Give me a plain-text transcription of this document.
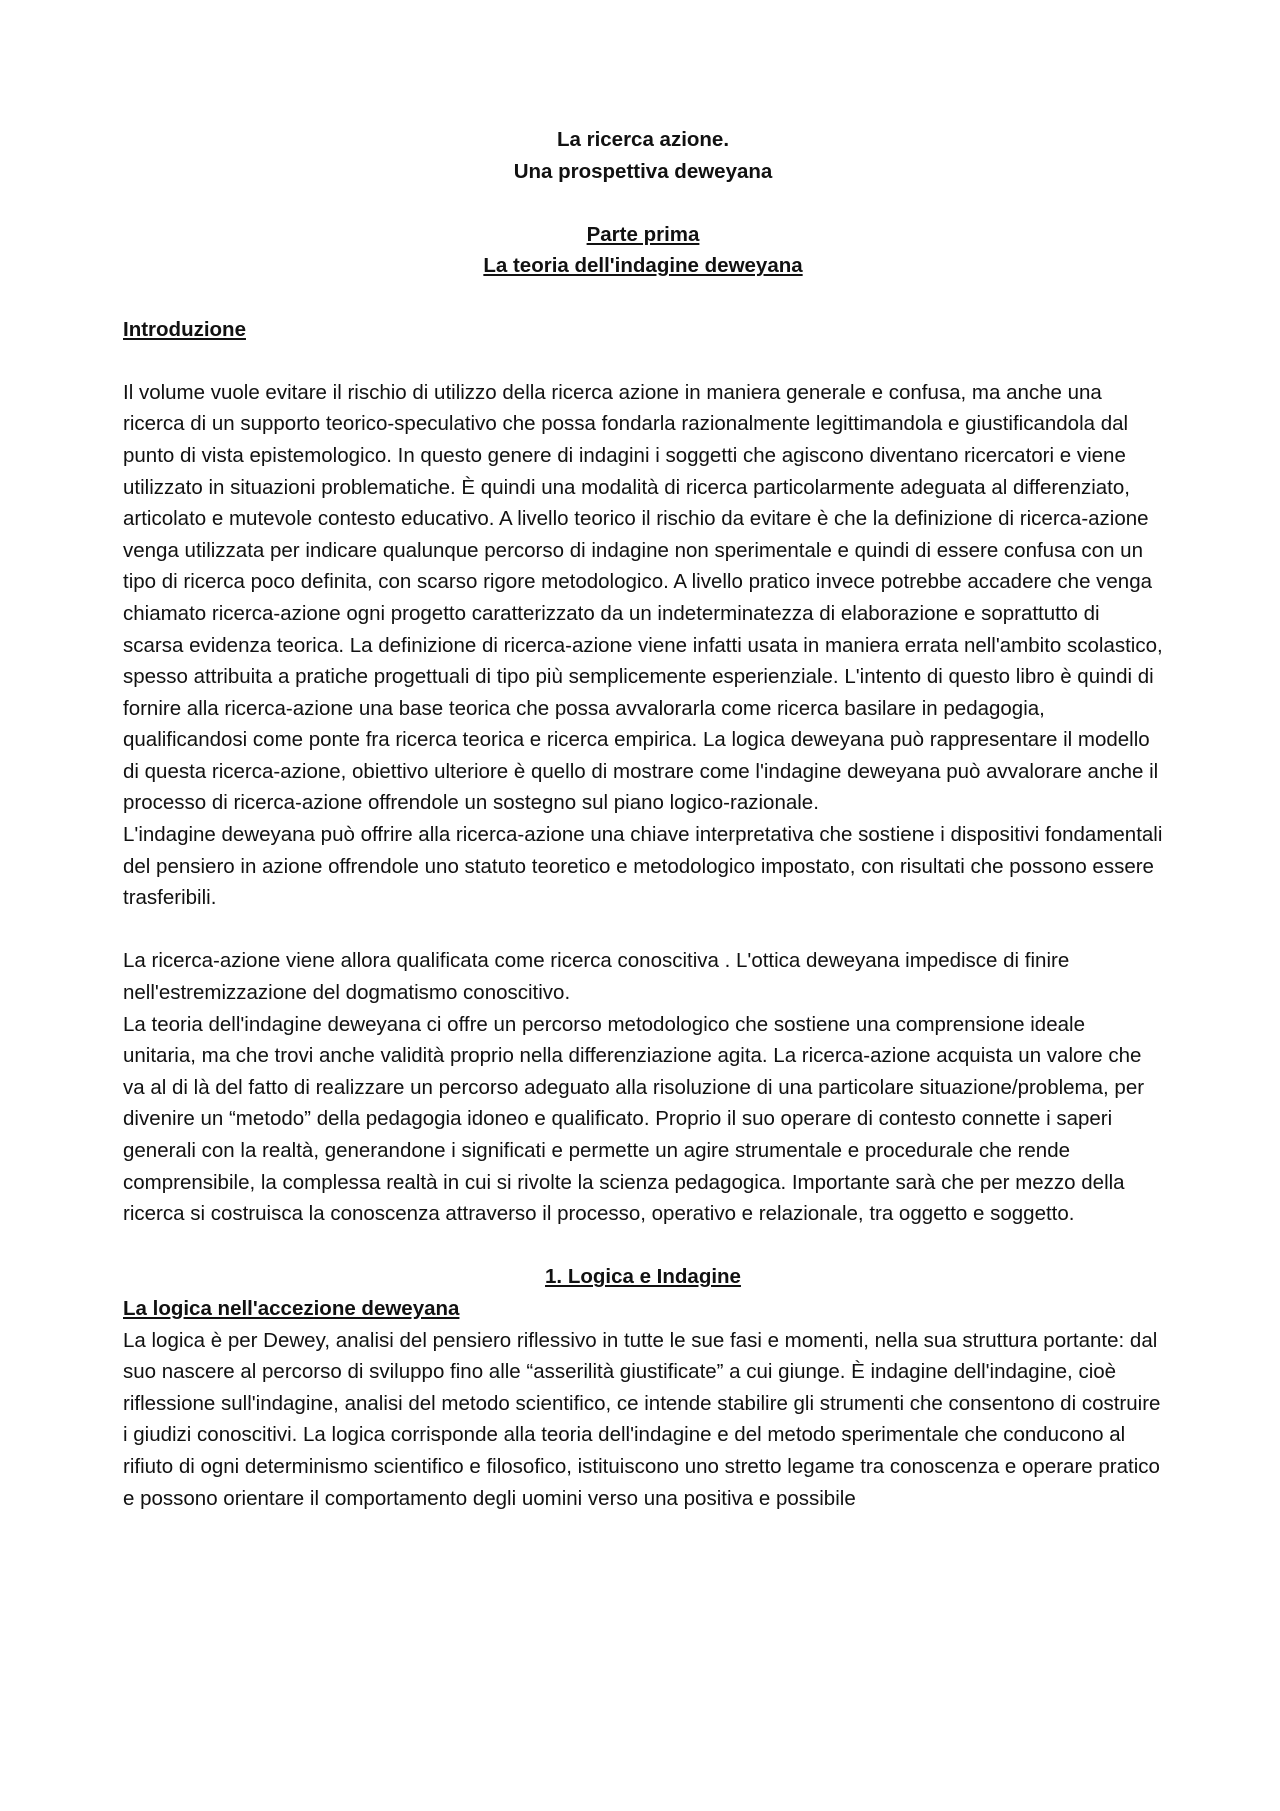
La ricerca azione.

Una prospettiva deweyana

Parte prima

La teoria dell'indagine deweyana

Introduzione

Il volume vuole evitare il rischio di utilizzo della ricerca azione in maniera generale e confusa, ma anche una ricerca di un supporto teorico-speculativo che possa fondarla razionalmente legittimandola e giustificandola dal punto di vista epistemologico. In questo genere di indagini i soggetti che agiscono diventano ricercatori e viene utilizzato in situazioni problematiche. È quindi una modalità di ricerca particolarmente adeguata al differenziato, articolato e mutevole contesto educativo. A livello teorico il rischio da evitare è che la definizione di ricerca-azione venga utilizzata per indicare qualunque percorso di indagine non sperimentale e quindi di essere confusa con un tipo di ricerca poco definita, con scarso rigore metodologico. A livello pratico invece potrebbe accadere che venga chiamato ricerca-azione ogni progetto caratterizzato da un indeterminatezza di elaborazione e soprattutto di scarsa evidenza teorica. La definizione di ricerca-azione viene infatti usata in maniera errata nell'ambito scolastico, spesso attribuita a pratiche progettuali di tipo più semplicemente esperienziale. L'intento di questo libro è quindi di fornire alla ricerca-azione una base teorica che possa avvalorarla come ricerca basilare in pedagogia, qualificandosi come ponte fra ricerca teorica e ricerca empirica. La logica deweyana può rappresentare il modello di questa ricerca-azione, obiettivo ulteriore è quello di mostrare come l'indagine deweyana può avvalorare anche il processo di ricerca-azione offrendole un sostegno sul piano logico-razionale.

L'indagine deweyana può offrire alla ricerca-azione una chiave interpretativa che sostiene i dispositivi fondamentali del pensiero in azione offrendole uno statuto teoretico e metodologico impostato, con risultati che possono essere trasferibili.

La ricerca-azione viene allora qualificata come ricerca conoscitiva . L'ottica deweyana impedisce di finire nell'estremizzazione del dogmatismo conoscitivo.

La teoria dell'indagine deweyana ci offre un percorso metodologico che sostiene una comprensione ideale unitaria, ma che trovi anche validità proprio nella differenziazione agita. La ricerca-azione acquista un valore che va al di là del fatto di realizzare un percorso adeguato alla risoluzione di una particolare situazione/problema, per divenire un “metodo” della pedagogia idoneo e qualificato. Proprio il suo operare di contesto connette i saperi generali con la realtà, generandone i significati e permette un agire strumentale e procedurale che rende comprensibile, la complessa realtà in cui si rivolte la scienza pedagogica. Importante sarà che per mezzo della ricerca si costruisca la conoscenza attraverso il processo, operativo e relazionale, tra oggetto e soggetto.

1. Logica e Indagine

La logica nell'accezione deweyana

La logica è per Dewey, analisi del pensiero riflessivo in tutte le sue fasi e momenti, nella sua struttura portante: dal suo nascere al percorso di sviluppo fino alle “asserilità giustificate” a cui giunge. È indagine dell'indagine, cioè riflessione sull'indagine, analisi del metodo scientifico, ce intende stabilire gli strumenti che consentono di costruire i giudizi conoscitivi. La logica corrisponde alla teoria dell'indagine e del metodo sperimentale che conducono al rifiuto di ogni determinismo scientifico e filosofico, istituiscono uno stretto legame tra conoscenza e operare pratico e possono orientare il comportamento degli uomini verso una positiva e possibile
